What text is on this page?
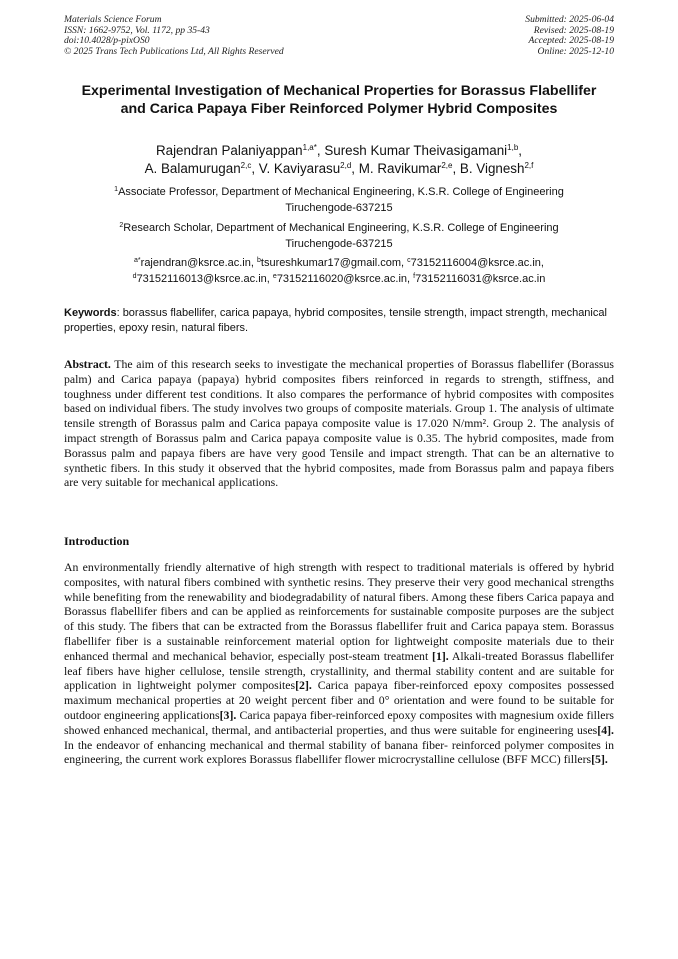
Materials Science Forum
ISSN: 1662-9752, Vol. 1172, pp 35-43
doi:10.4028/p-pixOS0
© 2025 Trans Tech Publications Ltd, All Rights Reserved
Submitted: 2025-06-04
Revised: 2025-08-19
Accepted: 2025-08-19
Online: 2025-12-10
Experimental Investigation of Mechanical Properties for Borassus Flabellifer and Carica Papaya Fiber Reinforced Polymer Hybrid Composites
Rajendran Palaniyappan$^{1,a*}$, Suresh Kumar Theivasigamani$^{1,b}$,
A. Balamurugan$^{2,c}$, V. Kaviyarasu$^{2,d}$, M. Ravikumar$^{2,e}$, B. Vignesh$^{2,f}$
$^1$Associate Professor, Department of Mechanical Engineering, K.S.R. College of Engineering
Tiruchengode-637215
$^2$Research Scholar, Department of Mechanical Engineering, K.S.R. College of Engineering
Tiruchengode-637215
$^{a*}$rajendran@ksrce.ac.in, $^b$tsureshkumar17@gmail.com, $^c$73152116004@ksrce.ac.in,
$^d$73152116013@ksrce.ac.in, $^e$73152116020@ksrce.ac.in, $^f$73152116031@ksrce.ac.in
Keywords: borassus flabellifer, carica papaya, hybrid composites, tensile strength, impact strength, mechanical properties, epoxy resin, natural fibers.
Abstract. The aim of this research seeks to investigate the mechanical properties of Borassus flabellifer (Borassus palm) and Carica papaya (papaya) hybrid composites fibers reinforced in regards to strength, stiffness, and toughness under different test conditions. It also compares the performance of hybrid composites with composites based on individual fibers. The study involves two groups of composite materials. Group 1. The analysis of ultimate tensile strength of Borassus palm and Carica papaya composite value is 17.020 N/mm². Group 2. The analysis of impact strength of Borassus palm and Carica papaya composite value is 0.35. The hybrid composites, made from Borassus palm and papaya fibers are have very good Tensile and impact strength. That can be an alternative to synthetic fibers. In this study it observed that the hybrid composites, made from Borassus palm and papaya fibers are very suitable for mechanical applications.
Introduction
An environmentally friendly alternative of high strength with respect to traditional materials is offered by hybrid composites, with natural fibers combined with synthetic resins. They preserve their very good mechanical strengths while benefiting from the renewability and biodegradability of natural fibers. Among these fibers Carica papaya and Borassus flabellifer fibers and can be applied as reinforcements for sustainable composite purposes are the subject of this study. The fibers that can be extracted from the Borassus flabellifer fruit and Carica papaya stem. Borassus flabellifer fiber is a sustainable reinforcement material option for lightweight composite materials due to their enhanced thermal and mechanical behavior, especially post-steam treatment [1]. Alkali-treated Borassus flabellifer leaf fibers have higher cellulose, tensile strength, crystallinity, and thermal stability content and are suitable for application in lightweight polymer composites[2]. Carica papaya fiber-reinforced epoxy composites possessed maximum mechanical properties at 20 weight percent fiber and 0° orientation and were found to be suitable for outdoor engineering applications[3]. Carica papaya fiber-reinforced epoxy composites with magnesium oxide fillers showed enhanced mechanical, thermal, and antibacterial properties, and thus were suitable for engineering uses[4]. In the endeavor of enhancing mechanical and thermal stability of banana fiber- reinforced polymer composites in engineering, the current work explores Borassus flabellifer flower microcrystalline cellulose (BFF MCC) fillers[5].
